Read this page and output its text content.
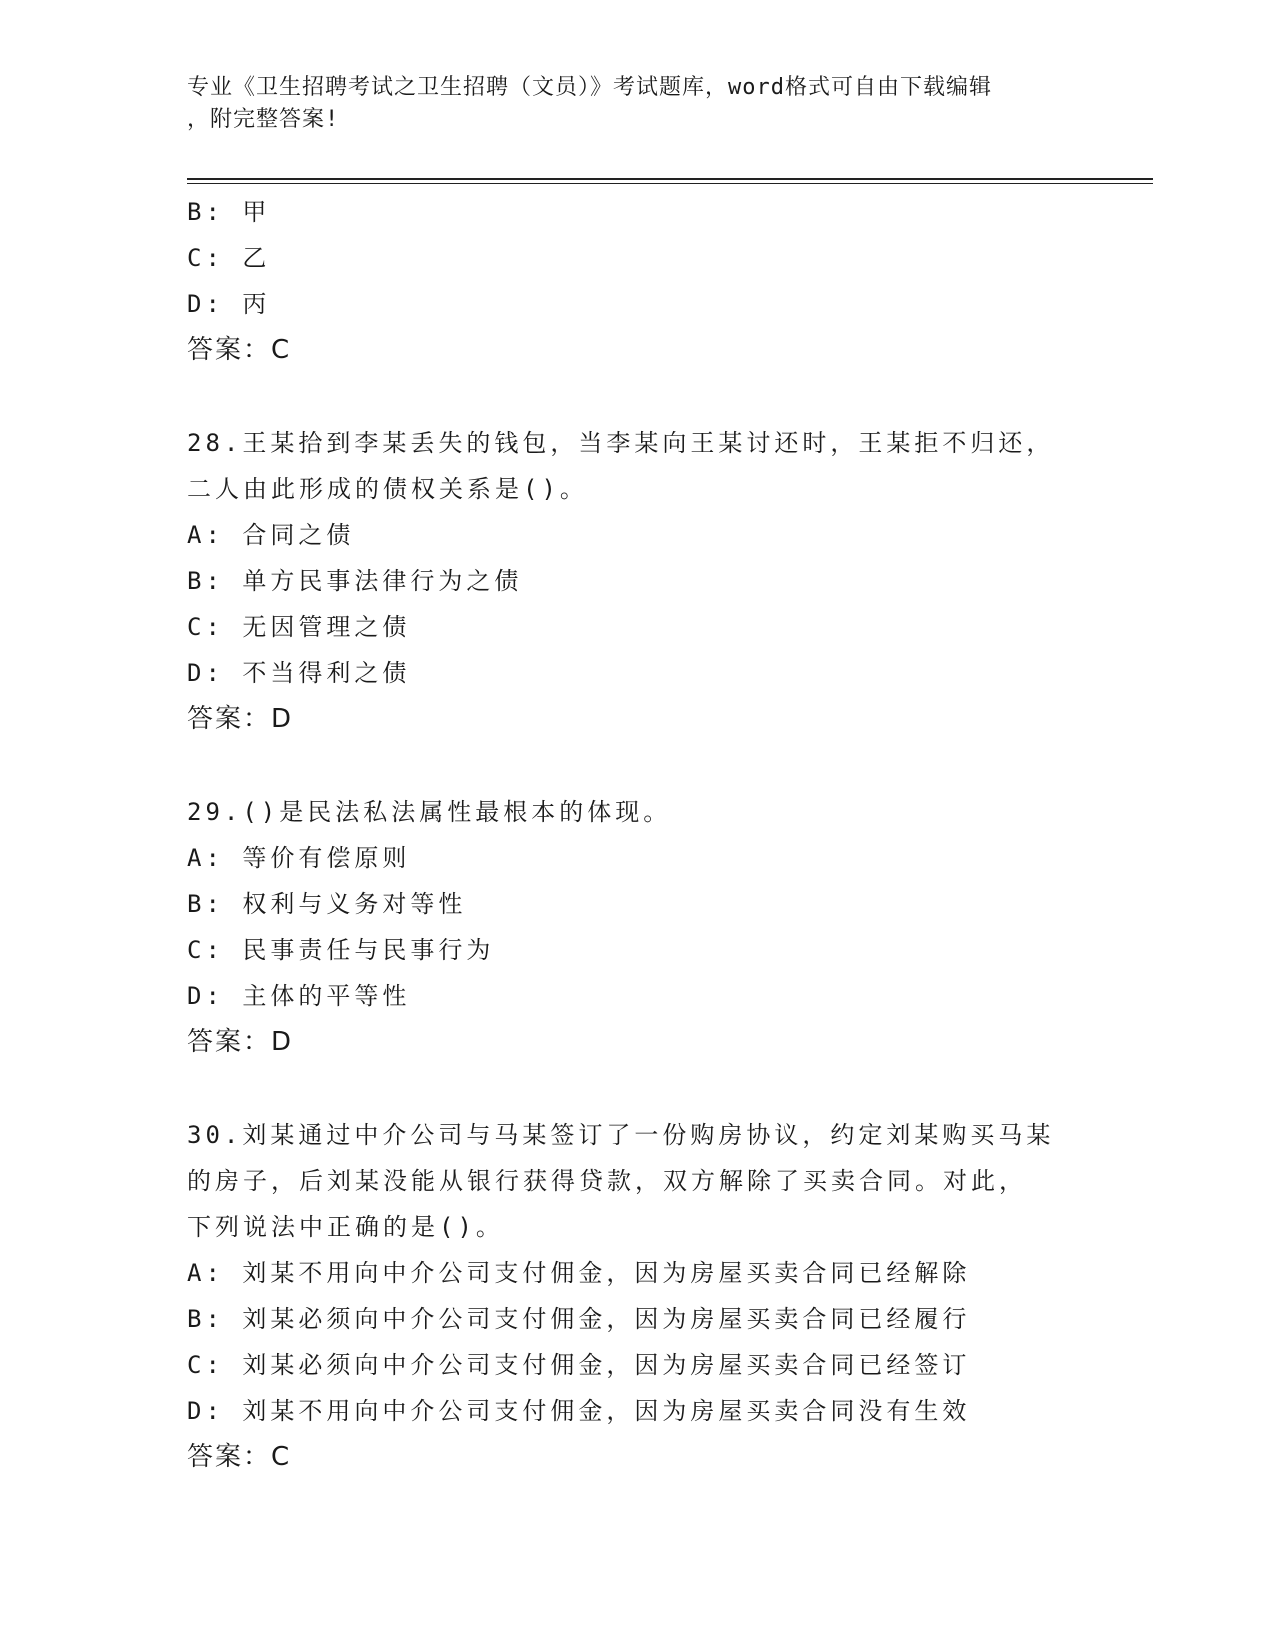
专业《卫生招聘考试之卫生招聘（文员）》考试题库，word格式可自由下载编辑
，附完整答案!
B: 甲
C: 乙
D: 丙
答案：C
28.王某拾到李某丢失的钱包，当李某向王某讨还时，王某拒不归还，
二人由此形成的债权关系是()。
A: 合同之债
B: 单方民事法律行为之债
C: 无因管理之债
D: 不当得利之债
答案：D
29.()是民法私法属性最根本的体现。
A: 等价有偿原则
B: 权利与义务对等性
C: 民事责任与民事行为
D: 主体的平等性
答案：D
30.刘某通过中介公司与马某签订了一份购房协议，约定刘某购买马某
的房子，后刘某没能从银行获得贷款，双方解除了买卖合同。对此，
下列说法中正确的是()。
A: 刘某不用向中介公司支付佣金，因为房屋买卖合同已经解除
B: 刘某必须向中介公司支付佣金，因为房屋买卖合同已经履行
C: 刘某必须向中介公司支付佣金，因为房屋买卖合同已经签订
D: 刘某不用向中介公司支付佣金，因为房屋买卖合同没有生效
答案：C
